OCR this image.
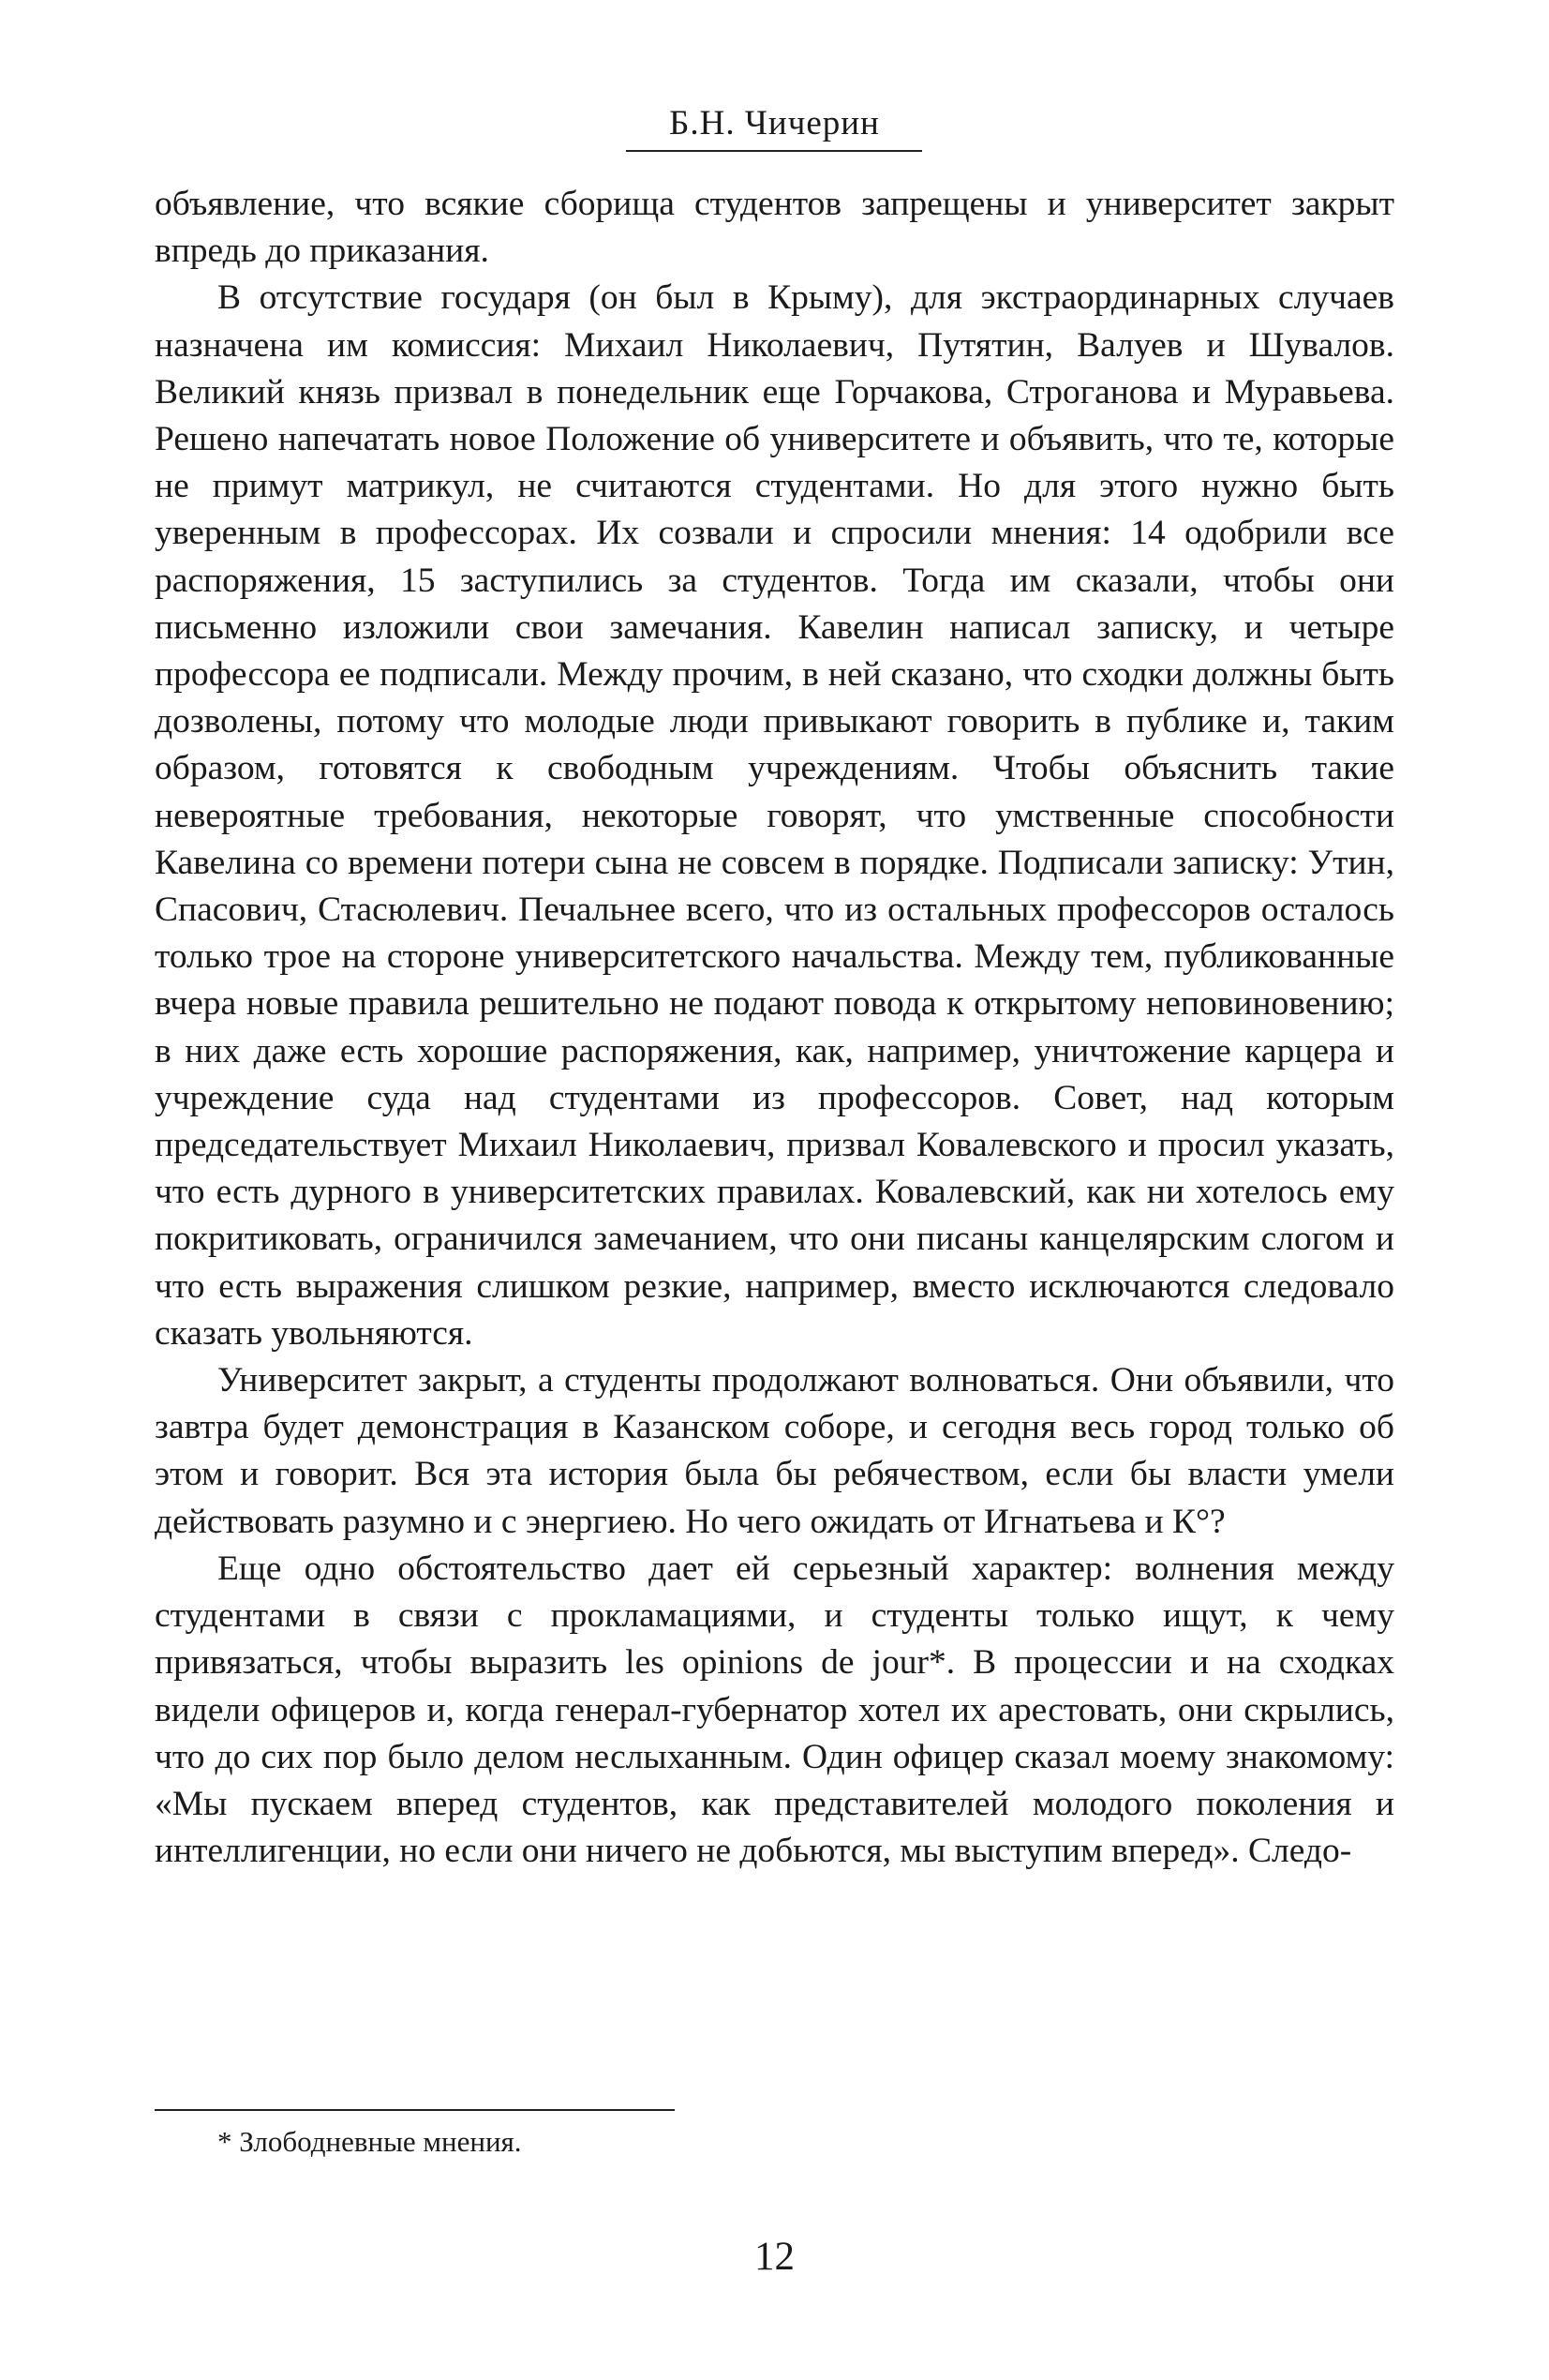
Б.Н. Чичерин

объявление, что всякие сборища студентов запрещены и университет закрыт впредь до приказания.

В отсутствие государя (он был в Крыму), для экстраординарных случаев назначена им комиссия: Михаил Николаевич, Путятин, Валуев и Шувалов. Великий князь призвал в понедельник еще Горчакова, Строганова и Муравьева. Решено напечатать новое Положение об университете и объявить, что те, которые не примут матрикул, не считаются студентами. Но для этого нужно быть уверенным в профессорах. Их созвали и спросили мнения: 14 одобрили все распоряжения, 15 заступились за студентов. Тогда им сказали, чтобы они письменно изложили свои замечания. Кавелин написал записку, и четыре профессора ее подписали. Между прочим, в ней сказано, что сходки должны быть дозволены, потому что молодые люди привыкают говорить в публике и, таким образом, готовятся к свободным учреждениям. Чтобы объяснить такие невероятные требования, некоторые говорят, что умственные способности Кавелина со времени потери сына не совсем в порядке. Подписали записку: Утин, Спасович, Стасюлевич. Печальнее всего, что из остальных профессоров осталось только трое на стороне университетского начальства. Между тем, публикованные вчера новые правила решительно не подают повода к открытому неповиновению; в них даже есть хорошие распоряжения, как, например, уничтожение карцера и учреждение суда над студентами из профессоров. Совет, над которым председательствует Михаил Николаевич, призвал Ковалевского и просил указать, что есть дурного в университетских правилах. Ковалевский, как ни хотелось ему покритиковать, ограничился замечанием, что они писаны канцелярским слогом и что есть выражения слишком резкие, например, вместо исключаются следовало сказать увольняются.

Университет закрыт, а студенты продолжают волноваться. Они объявили, что завтра будет демонстрация в Казанском соборе, и сегодня весь город только об этом и говорит. Вся эта история была бы ребячеством, если бы власти умели действовать разумно и с энергиею. Но чего ожидать от Игнатьева и К°?

Еще одно обстоятельство дает ей серьезный характер: волнения между студентами в связи с прокламациями, и студенты только ищут, к чему привязаться, чтобы выразить les opinions de jour*. В процессии и на сходках видели офицеров и, когда генерал-губернатор хотел их арестовать, они скрылись, что до сих пор было делом неслыханным. Один офицер сказал моему знакомому: «Мы пускаем вперед студентов, как представителей молодого поколения и интеллигенции, но если они ничего не добьются, мы выступим вперед». Следо-

* Злободневные мнения.
12
